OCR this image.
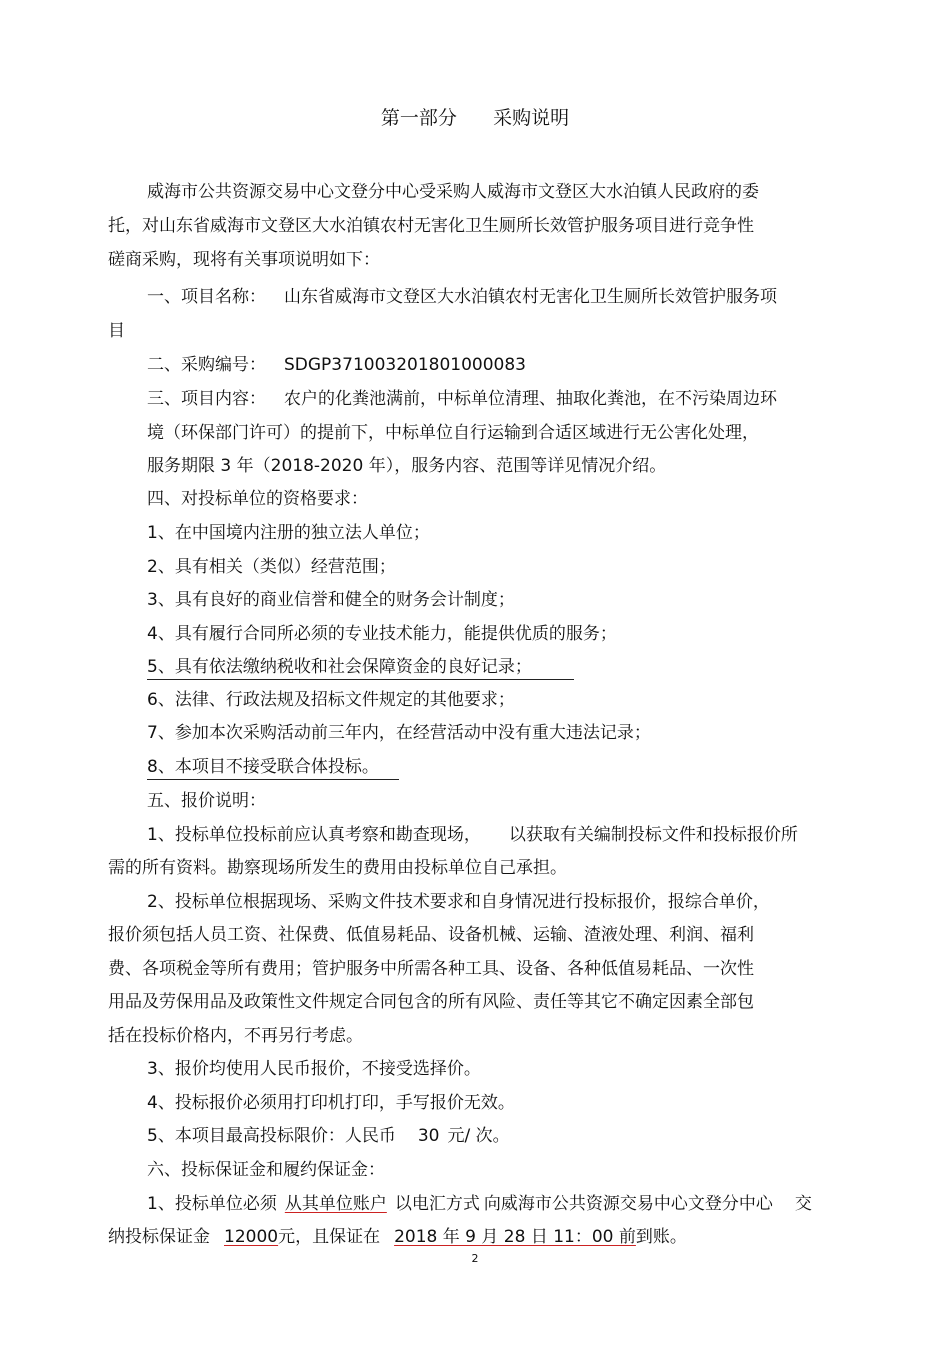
第一部分      采购说明
威海市公共资源交易中心文登分中心受采购人威海市文登区大水泊镇人民政府的委
托，对山东省威海市文登区大水泊镇农村无害化卫生厕所长效管护服务项目进行竞争性
磋商采购，现将有关事项说明如下：
一、项目名称： 山东省威海市文登区大水泊镇农村无害化卫生厕所长效管护服务项
目
二、采购编号： SDGP371003201801000083
三、项目内容： 农户的化粪池满前，中标单位清理、抽取化粪池，在不污染周边环
境（环保部门许可）的提前下，中标单位自行运输到合适区域进行无公害化处理，
服务期限 3 年（2018-2020 年），服务内容、范围等详见情况介绍。
四、对投标单位的资格要求：
1、在中国境内注册的独立法人单位；
2、具有相关（类似）经营范围；
3、具有良好的商业信誉和健全的财务会计制度；
4、具有履行合同所必须的专业技术能力，能提供优质的服务；
5、具有依法缴纳税收和社会保障资金的良好记录；
6、法律、行政法规及招标文件规定的其他要求；
7、参加本次采购活动前三年内，在经营活动中没有重大违法记录；
8、本项目不接受联合体投标。
五、报价说明：
1、投标单位投标前应认真考察和勘查现场， 以获取有关编制投标文件和投标报价所
需的所有资料。勘察现场所发生的费用由投标单位自己承担。
2、投标单位根据现场、采购文件技术要求和自身情况进行投标报价，报综合单价，
报价须包括人员工资、社保费、低值易耗品、设备机械、运输、渣液处理、利润、福利
费、各项税金等所有费用；管护服务中所需各种工具、设备、各种低值易耗品、一次性
用品及劳保用品及政策性文件规定合同包含的所有风险、责任等其它不确定因素全部包
括在投标价格内，不再另行考虑。
3、报价均使用人民币报价，不接受选择价。
4、投标报价必须用打印机打印，手写报价无效。
5、本项目最高投标限价：人民币 30 元/ 次。
六、投标保证金和履约保证金：
1、投标单位必须 从其单位账户 以电汇方式 向威海市公共资源交易中心文登分中心 交
纳投标保证金 12000元，且保证在 2018 年 9 月 28 日 11：00 前到账。
2
